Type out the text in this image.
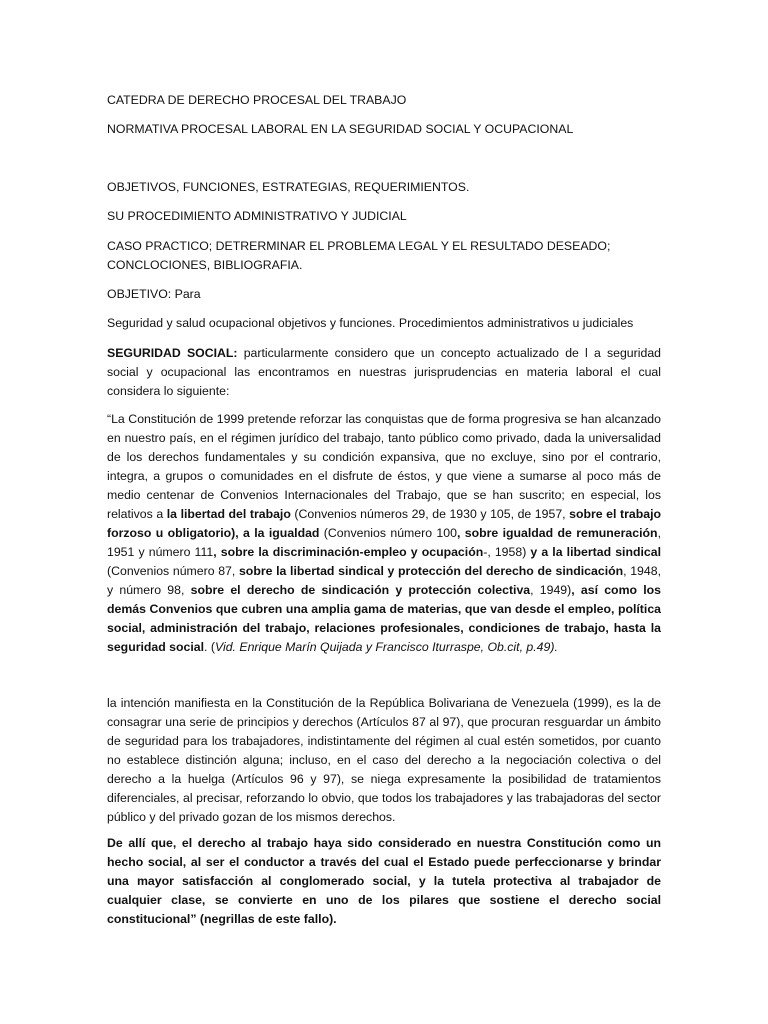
CATEDRA DE DERECHO PROCESAL DEL TRABAJO

NORMATIVA PROCESAL LABORAL EN LA SEGURIDAD SOCIAL Y OCUPACIONAL

OBJETIVOS, FUNCIONES, ESTRATEGIAS, REQUERIMIENTOS.

SU PROCEDIMIENTO ADMINISTRATIVO Y JUDICIAL

CASO PRACTICO; DETRERMINAR EL PROBLEMA LEGAL Y EL RESULTADO DESEADO;

CONCLOCIONES, BIBLIOGRAFIA.

OBJETIVO: Para

Seguridad y salud ocupacional objetivos y funciones. Procedimientos administrativos u judiciales

SEGURIDAD SOCIAL: particularmente considero que un concepto actualizado de l a seguridad social y ocupacional las encontramos en nuestras jurisprudencias en materia laboral el cual considera lo siguiente:

“La Constitución de 1999 pretende reforzar las conquistas que de forma progresiva se han alcanzado en nuestro país, en el régimen jurídico del trabajo, tanto público como privado, dada la universalidad de los derechos fundamentales y su condición expansiva, que no excluye, sino por el contrario, integra, a grupos o comunidades en el disfrute de éstos, y que viene a sumarse al poco más de medio centenar de Convenios Internacionales del Trabajo, que se han suscrito; en especial, los relativos a la libertad del trabajo (Convenios números 29, de 1930 y 105, de 1957, sobre el trabajo forzoso u obligatorio), a la igualdad (Convenios número 100, sobre igualdad de remuneración, 1951 y número 111, sobre la discriminación-empleo y ocupación-, 1958) y a la libertad sindical (Convenios número 87, sobre la libertad sindical y protección del derecho de sindicación, 1948, y número 98, sobre el derecho de sindicación y protección colectiva, 1949), así como los demás Convenios que cubren una amplia gama de materias, que van desde el empleo, política social, administración del trabajo, relaciones profesionales, condiciones de trabajo, hasta la seguridad social. (Vid. Enrique Marín Quijada y Francisco Iturraspe, Ob.cit, p.49).

la intención manifiesta en la Constitución de la República Bolivariana de Venezuela (1999), es la de consagrar una serie de principios y derechos (Artículos 87 al 97), que procuran resguardar un ámbito de seguridad para los trabajadores, indistintamente del régimen al cual estén sometidos, por cuanto no establece distinción alguna; incluso, en el caso del derecho a la negociación colectiva o del derecho a la huelga (Artículos 96 y 97), se niega expresamente la posibilidad de tratamientos diferenciales, al precisar, reforzando lo obvio, que todos los trabajadores y las trabajadoras del sector público y del privado gozan de los mismos derechos.

De allí que, el derecho al trabajo haya sido considerado en nuestra Constitución como un hecho social, al ser el conductor a través del cual el Estado puede perfeccionarse y brindar una mayor satisfacción al conglomerado social, y la tutela protectiva al trabajador de cualquier clase, se convierte en uno de los pilares que sostiene el derecho social constitucional” (negrillas de este fallo).
